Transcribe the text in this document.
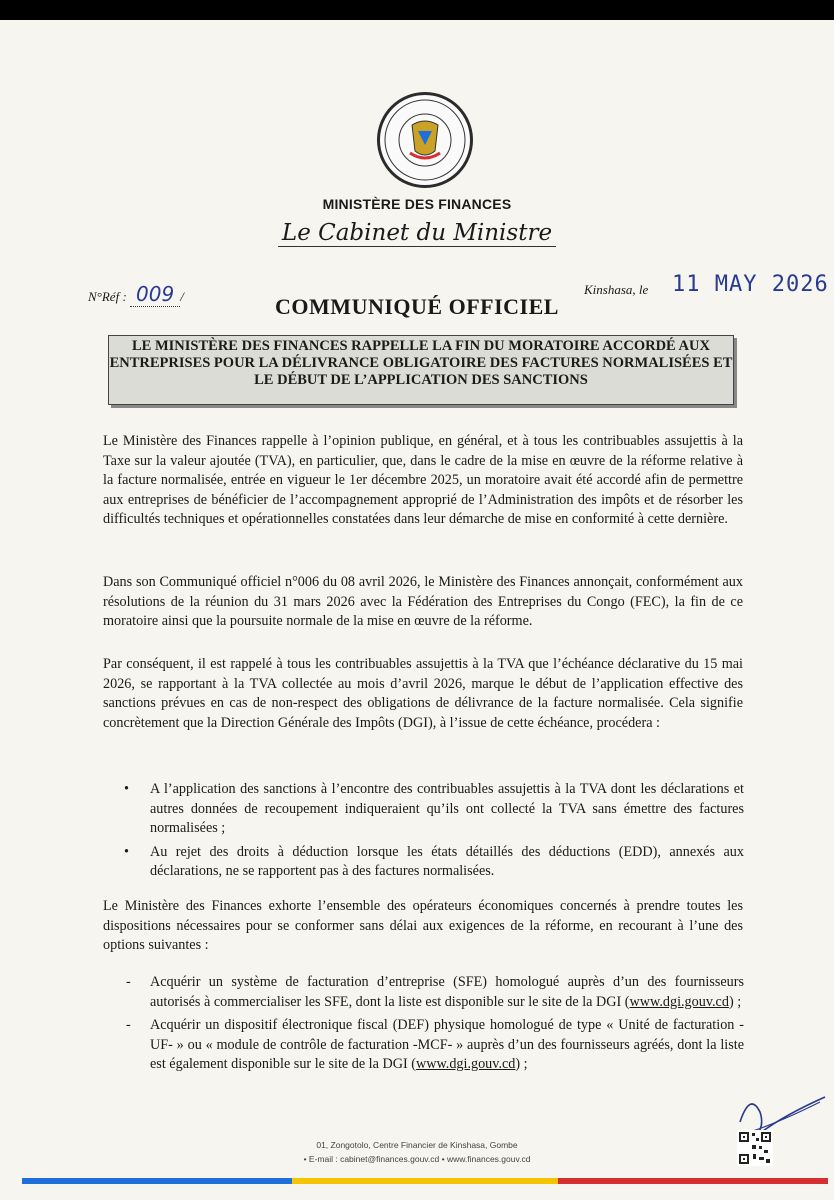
MINISTÈRE DES FINANCES
Le Cabinet du Ministre
N°Réf : 009 /	Kinshasa, le 11 MAY 2026
COMMUNIQUÉ OFFICIEL
LE MINISTÈRE DES FINANCES RAPPELLE LA FIN DU MORATOIRE ACCORDÉ AUX ENTREPRISES POUR LA DÉLIVRANCE OBLIGATOIRE DES FACTURES NORMALISÉES ET LE DÉBUT DE L’APPLICATION DES SANCTIONS
Le Ministère des Finances rappelle à l’opinion publique, en général, et à tous les contribuables assujettis à la Taxe sur la valeur ajoutée (TVA), en particulier, que, dans le cadre de la mise en œuvre de la réforme relative à la facture normalisée, entrée en vigueur le 1er décembre 2025, un moratoire avait été accordé afin de permettre aux entreprises de bénéficier de l’accompagnement approprié de l’Administration des impôts et de résorber les difficultés techniques et opérationnelles constatées dans leur démarche de mise en conformité à cette dernière.
Dans son Communiqué officiel n°006 du 08 avril 2026, le Ministère des Finances annonçait, conformément aux résolutions de la réunion du 31 mars 2026 avec la Fédération des Entreprises du Congo (FEC), la fin de ce moratoire ainsi que la poursuite normale de la mise en œuvre de la réforme.
Par conséquent, il est rappelé à tous les contribuables assujettis à la TVA que l’échéance déclarative du 15 mai 2026, se rapportant à la TVA collectée au mois d’avril 2026, marque le début de l’application effective des sanctions prévues en cas de non-respect des obligations de délivrance de la facture normalisée. Cela signifie concrètement que la Direction Générale des Impôts (DGI), à l’issue de cette échéance, procédera :
• A l’application des sanctions à l’encontre des contribuables assujettis à la TVA dont les déclarations et autres données de recoupement indiqueraient qu’ils ont collecté la TVA sans émettre des factures normalisées ;
• Au rejet des droits à déduction lorsque les états détaillés des déductions (EDD), annexés aux déclarations, ne se rapportent pas à des factures normalisées.
Le Ministère des Finances exhorte l’ensemble des opérateurs économiques concernés à prendre toutes les dispositions nécessaires pour se conformer sans délai aux exigences de la réforme, en recourant à l’une des options suivantes :
- Acquérir un système de facturation d’entreprise (SFE) homologué auprès d’un des fournisseurs autorisés à commercialiser les SFE, dont la liste est disponible sur le site de la DGI (www.dgi.gouv.cd) ;
- Acquérir un dispositif électronique fiscal (DEF) physique homologué de type « Unité de facturation -UF- » ou « module de contrôle de facturation -MCF- » auprès d’un des fournisseurs agréés, dont la liste est également disponible sur le site de la DGI (www.dgi.gouv.cd) ;
01, Zongotolo, Centre Financier de Kinshasa, Gombe
• E-mail : cabinet@finances.gouv.cd • www.finances.gouv.cd
